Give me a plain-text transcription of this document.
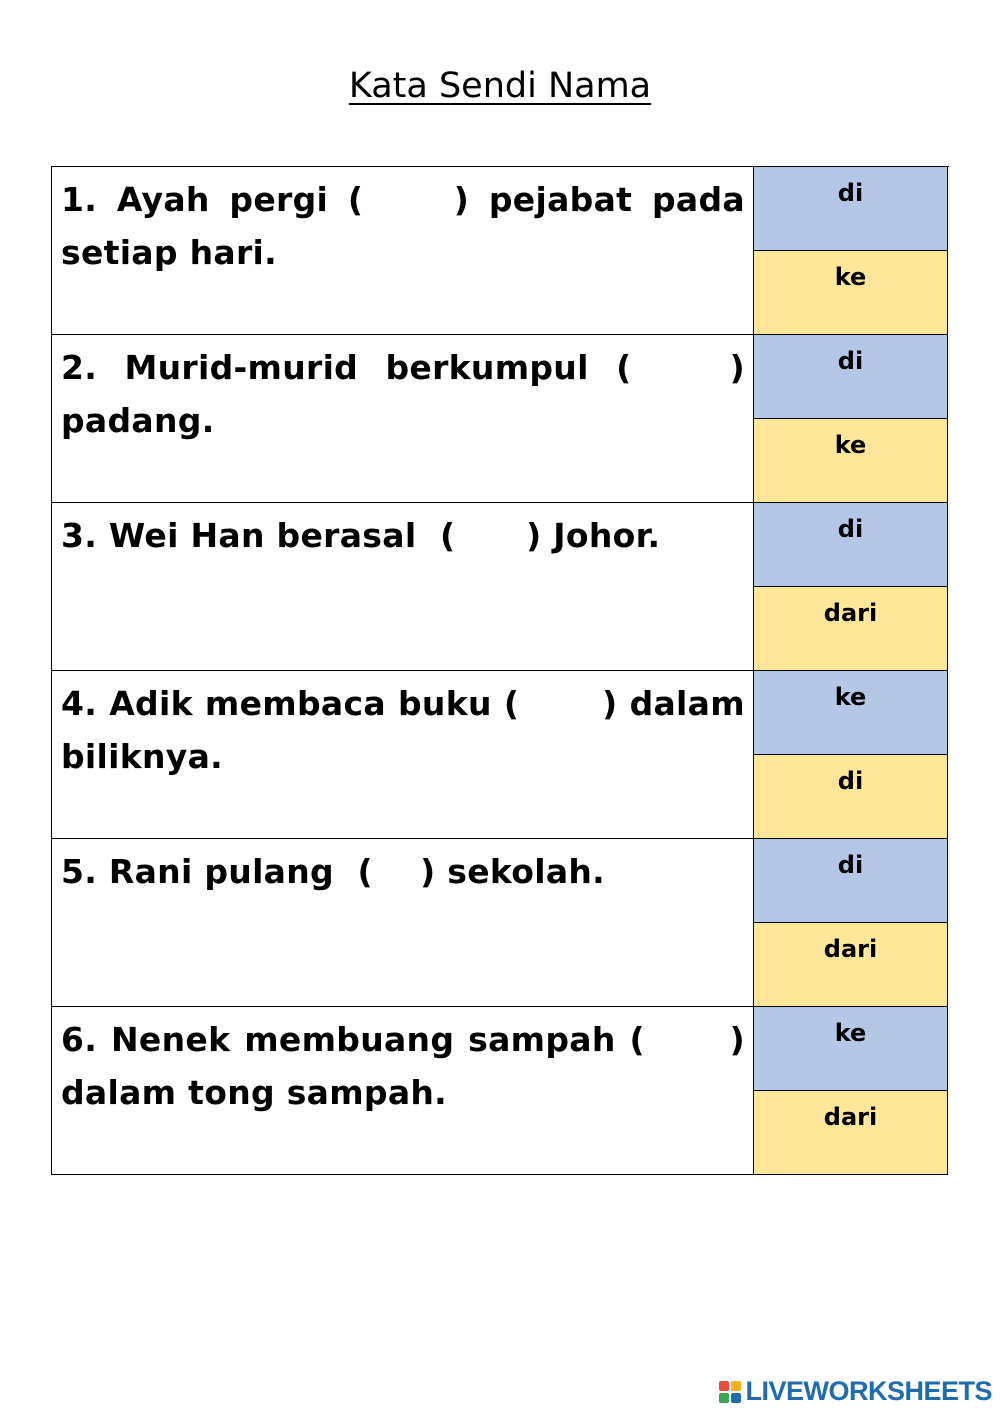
Kata Sendi Nama
1. Ayah pergi ( ) pejabat pada
setiap hari.
di
ke
2. Murid-murid berkumpul ( )
padang.
di
ke
3. Wei Han berasal  (      ) Johor.	di
dari
4. Adik membaca buku ( ) dalam
biliknya.
ke
di
5. Rani pulang  (    ) sekolah.	di
dari
6. Nenek membuang sampah ( )
dalam tong sampah.
ke
dari
LIVEWORKSHEETS
